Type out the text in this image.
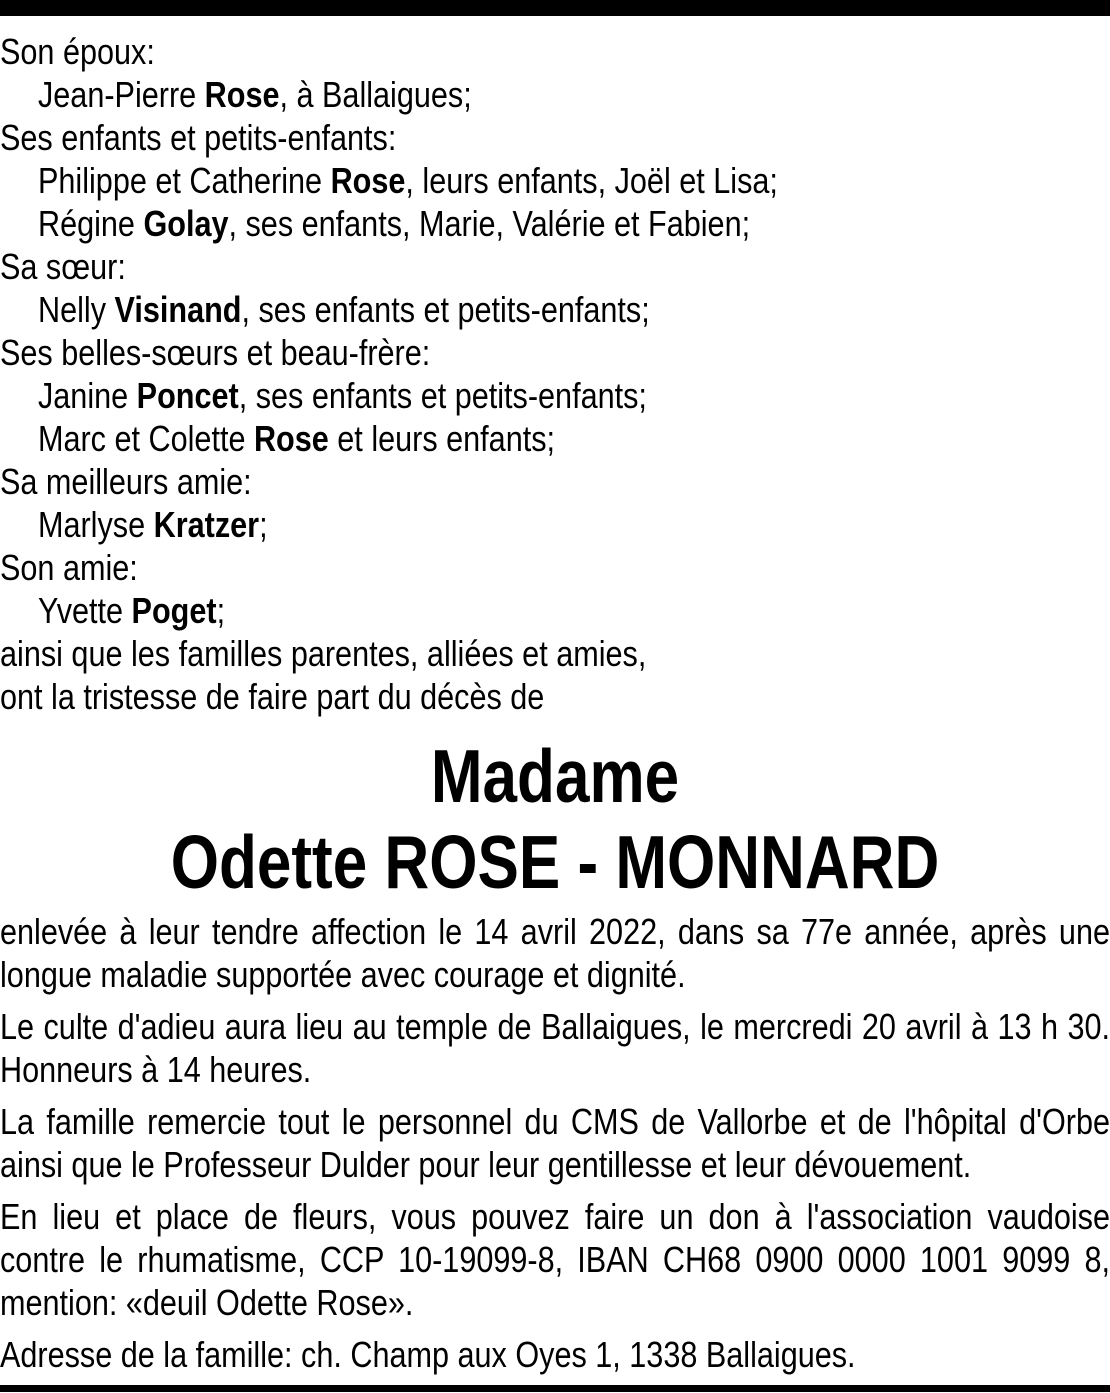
Son époux:
Jean-Pierre Rose, à Ballaigues;
Ses enfants et petits-enfants:
Philippe et Catherine Rose, leurs enfants, Joël et Lisa;
Régine Golay, ses enfants, Marie, Valérie et Fabien;
Sa sœur:
Nelly Visinand, ses enfants et petits-enfants;
Ses belles-sœurs et beau-frère:
Janine Poncet, ses enfants et petits-enfants;
Marc et Colette Rose et leurs enfants;
Sa meilleurs amie:
Marlyse Kratzer;
Son amie:
Yvette Poget;
ainsi que les familles parentes, alliées et amies,
ont la tristesse de faire part du décès de
Madame
Odette ROSE - MONNARD
enlevée à leur tendre affection le 14 avril 2022, dans sa 77e année, après une
longue maladie supportée avec courage et dignité.
Le culte d'adieu aura lieu au temple de Ballaigues, le mercredi 20 avril à 13 h 30.
Honneurs à 14 heures.
La famille remercie tout le personnel du CMS de Vallorbe et de l'hôpital d'Orbe
ainsi que le Professeur Dulder pour leur gentillesse et leur dévouement.
En lieu et place de fleurs, vous pouvez faire un don à l'association vaudoise
contre le rhumatisme, CCP 10-19099-8, IBAN CH68 0900 0000 1001 9099 8,
mention: «deuil Odette Rose».
Adresse de la famille: ch. Champ aux Oyes 1, 1338 Ballaigues.
